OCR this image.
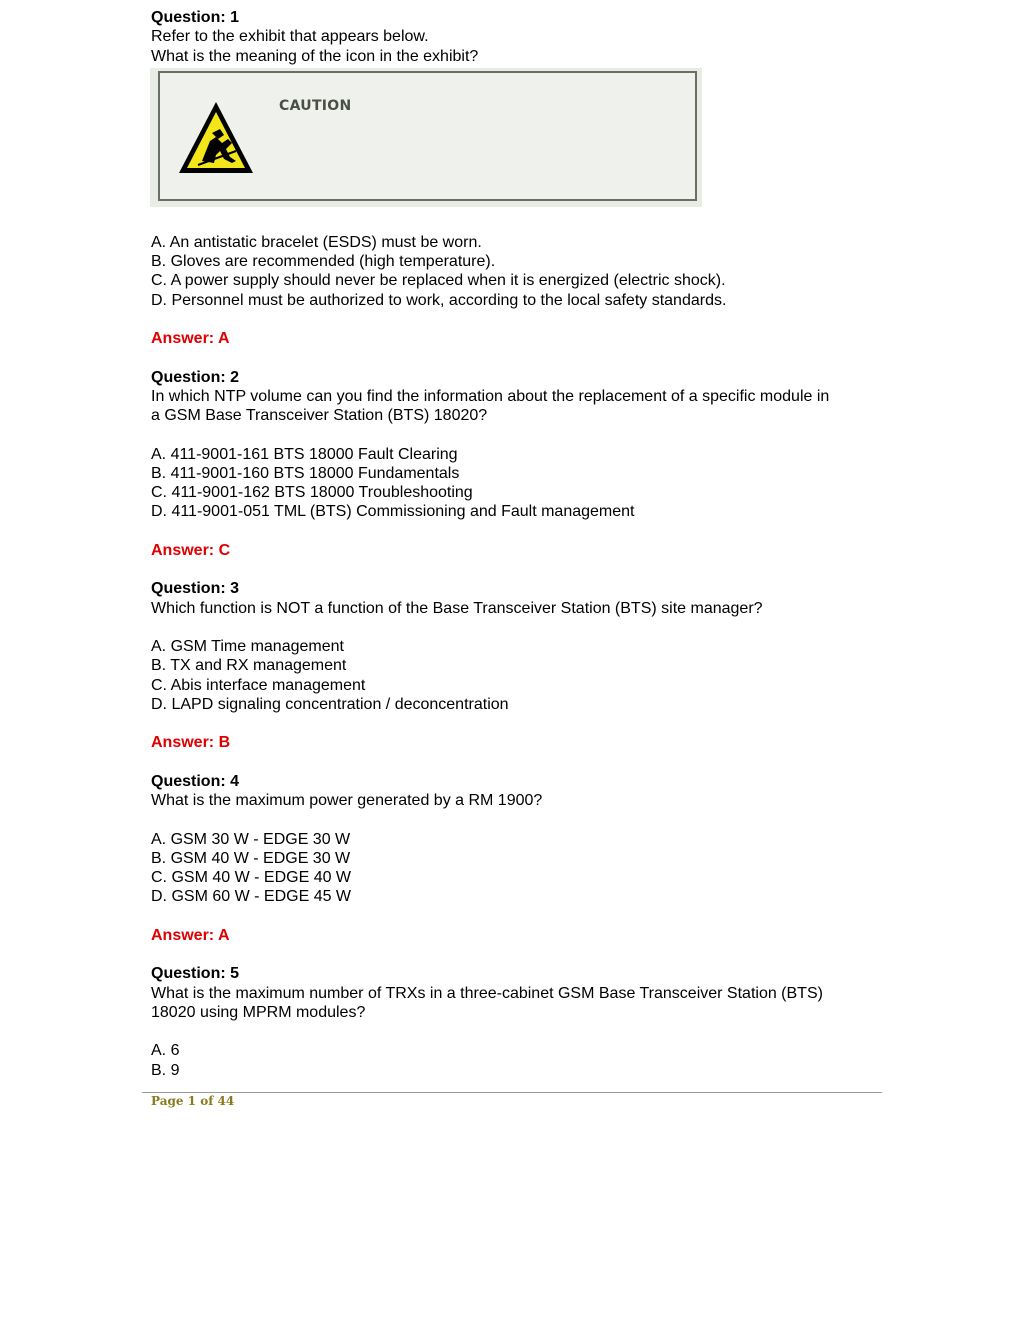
Question: 1
Refer to the exhibit that appears below.
What is the meaning of the icon in the exhibit?
CAUTION
A. An antistatic bracelet (ESDS) must be worn.
B. Gloves are recommended (high temperature).
C. A power supply should never be replaced when it is energized (electric shock).
D. Personnel must be authorized to work, according to the local safety standards.
Answer: A
Question: 2
In which NTP volume can you find the information about the replacement of a specific module in
a GSM Base Transceiver Station (BTS) 18020?
A. 411-9001-161 BTS 18000 Fault Clearing
B. 411-9001-160 BTS 18000 Fundamentals
C. 411-9001-162 BTS 18000 Troubleshooting
D. 411-9001-051 TML (BTS) Commissioning and Fault management
Answer: C
Question: 3
Which function is NOT a function of the Base Transceiver Station (BTS) site manager?
A. GSM Time management
B. TX and RX management
C. Abis interface management
D. LAPD signaling concentration / deconcentration
Answer: B
Question: 4
What is the maximum power generated by a RM 1900?
A. GSM 30 W - EDGE 30 W
B. GSM 40 W - EDGE 30 W
C. GSM 40 W - EDGE 40 W
D. GSM 60 W - EDGE 45 W
Answer: A
Question: 5
What is the maximum number of TRXs in a three-cabinet GSM Base Transceiver Station (BTS)
18020 using MPRM modules?
A. 6
B. 9
Page 1 of 44
